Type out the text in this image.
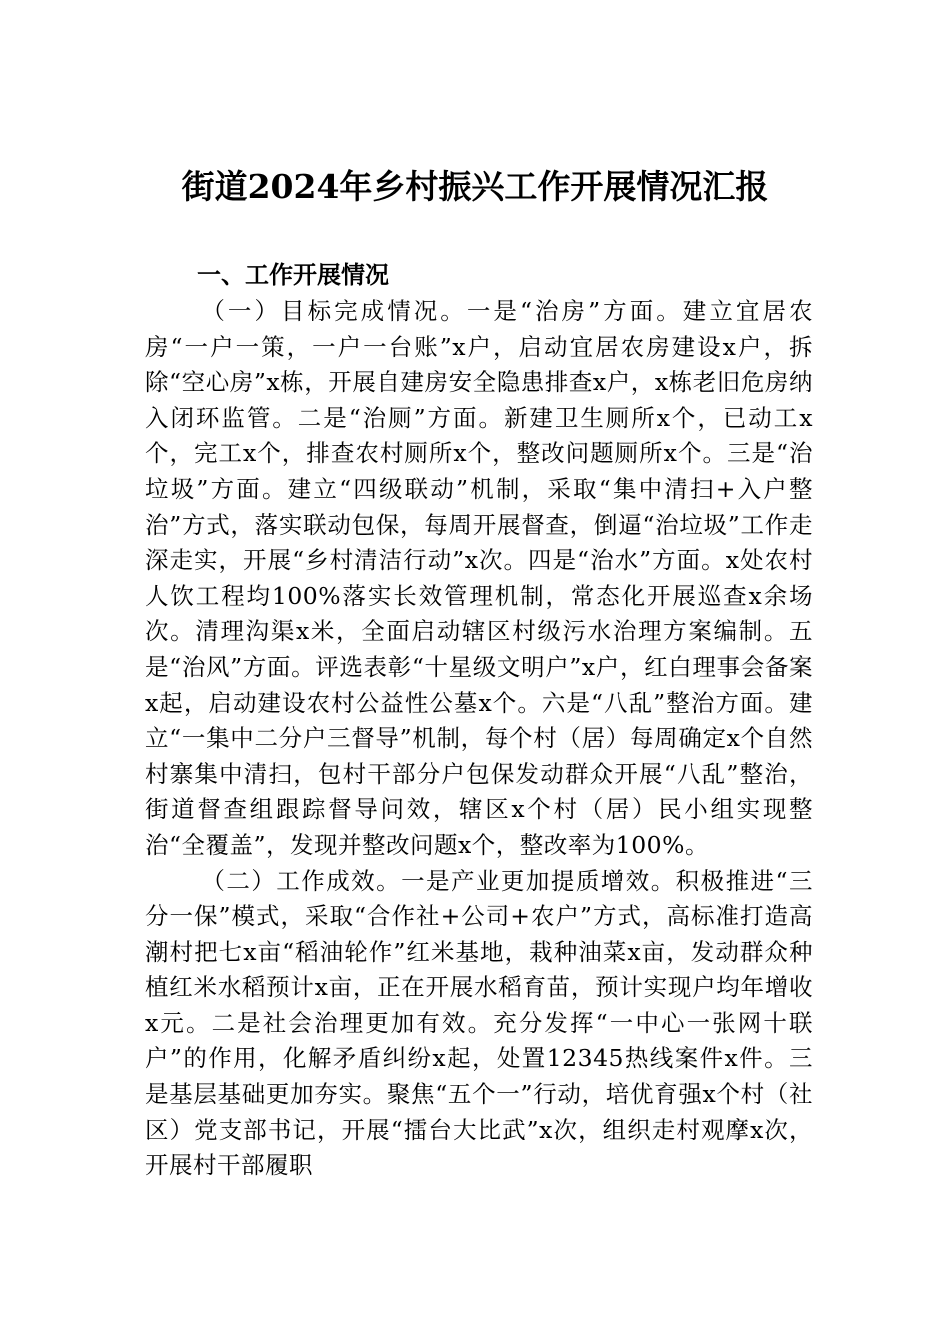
街道2024年乡村振兴工作开展情况汇报

一、工作开展情况

（一）目标完成情况。一是“治房”方面。建立宜居农房“一户一策，一户一台账”x户，启动宜居农房建设x户，拆除“空心房”x栋，开展自建房安全隐患排查x户，x栋老旧危房纳入闭环监管。二是“治厕”方面。新建卫生厕所x个，已动工x个，完工x个，排查农村厕所x个，整改问题厕所x个。三是“治垃圾”方面。建立“四级联动”机制，采取“集中清扫+入户整治”方式，落实联动包保，每周开展督查，倒逼“治垃圾”工作走深走实，开展“乡村清洁行动”x次。四是“治水”方面。x处农村人饮工程均100%落实长效管理机制，常态化开展巡查x余场次。清理沟渠x米，全面启动辖区村级污水治理方案编制。五是“治风”方面。评选表彰“十星级文明户”x户，红白理事会备案x起，启动建设农村公益性公墓x个。六是“八乱”整治方面。建立“一集中二分户三督导”机制，每个村（居）每周确定x个自然村寨集中清扫，包村干部分户包保发动群众开展“八乱”整治，街道督查组跟踪督导问效，辖区x个村（居）民小组实现整治“全覆盖”，发现并整改问题x个，整改率为100%。

（二）工作成效。一是产业更加提质增效。积极推进“三分一保”模式，采取“合作社+公司+农户”方式，高标准打造高潮村把七x亩“稻油轮作”红米基地，栽种油菜x亩，发动群众种植红米水稻预计x亩，正在开展水稻育苗，预计实现户均年增收x元。二是社会治理更加有效。充分发挥“一中心一张网十联户”的作用，化解矛盾纠纷x起，处置12345热线案件x件。三是基层基础更加夯实。聚焦“五个一”行动，培优育强x个村（社区）党支部书记，开展“擂台大比武”x次，组织走村观摩x次，开展村干部履职
